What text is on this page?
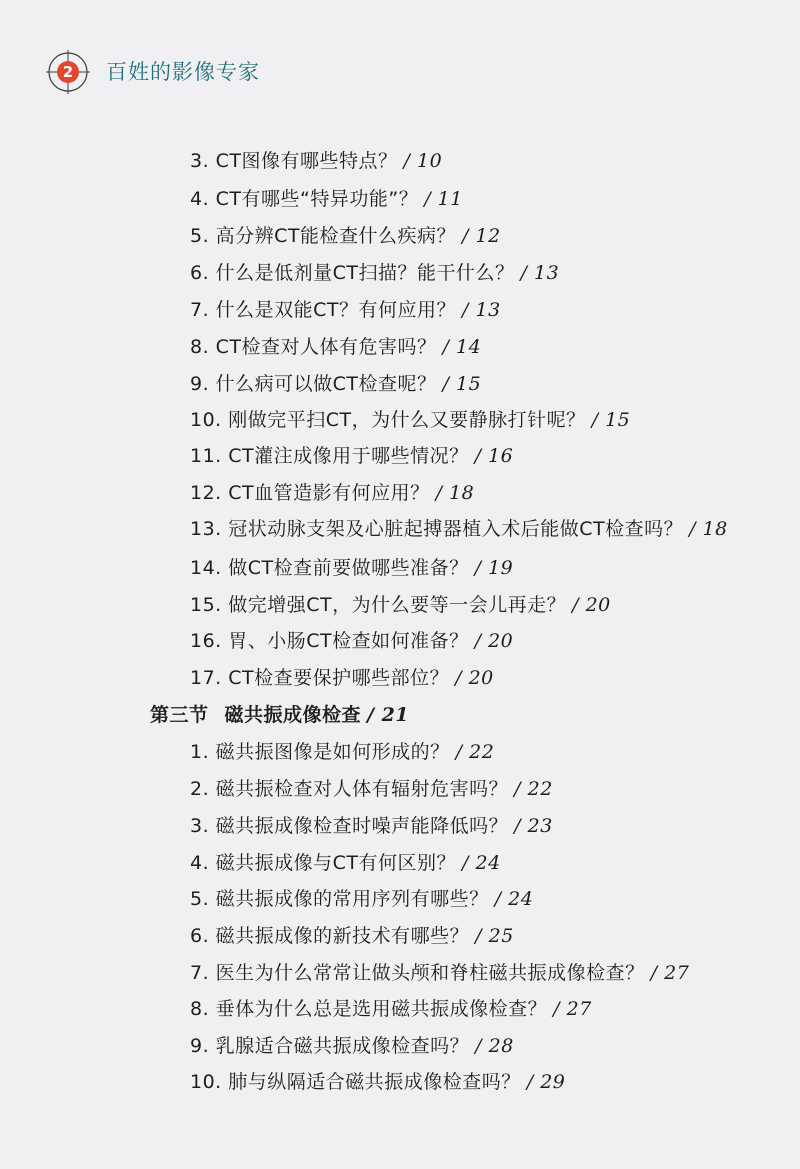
2	百姓的影像专家
3. CT图像有哪些特点？ / 10
4. CT有哪些“特异功能”？ / 11
5. 高分辨CT能检查什么疾病？ / 12
6. 什么是低剂量CT扫描？能干什么？ / 13
7. 什么是双能CT？有何应用？ / 13
8. CT检查对人体有危害吗？ / 14
9. 什么病可以做CT检查呢？ / 15
10. 刚做完平扫CT，为什么又要静脉打针呢？ / 15
11. CT灌注成像用于哪些情况？ / 16
12. CT血管造影有何应用？ / 18
13. 冠状动脉支架及心脏起搏器植入术后能做CT检查吗？ / 18
14. 做CT检查前要做哪些准备？ / 19
15. 做完增强CT，为什么要等一会儿再走？ / 20
16. 胃、小肠CT检查如何准备？ / 20
17. CT检查要保护哪些部位？ / 20
第三节 磁共振成像检查 / 21
1. 磁共振图像是如何形成的？ / 22
2. 磁共振检查对人体有辐射危害吗？ / 22
3. 磁共振成像检查时噪声能降低吗？ / 23
4. 磁共振成像与CT有何区别？ / 24
5. 磁共振成像的常用序列有哪些？ / 24
6. 磁共振成像的新技术有哪些？ / 25
7. 医生为什么常常让做头颅和脊柱磁共振成像检查？ / 27
8. 垂体为什么总是选用磁共振成像检查？ / 27
9. 乳腺适合磁共振成像检查吗？ / 28
10. 肺与纵隔适合磁共振成像检查吗？ / 29
